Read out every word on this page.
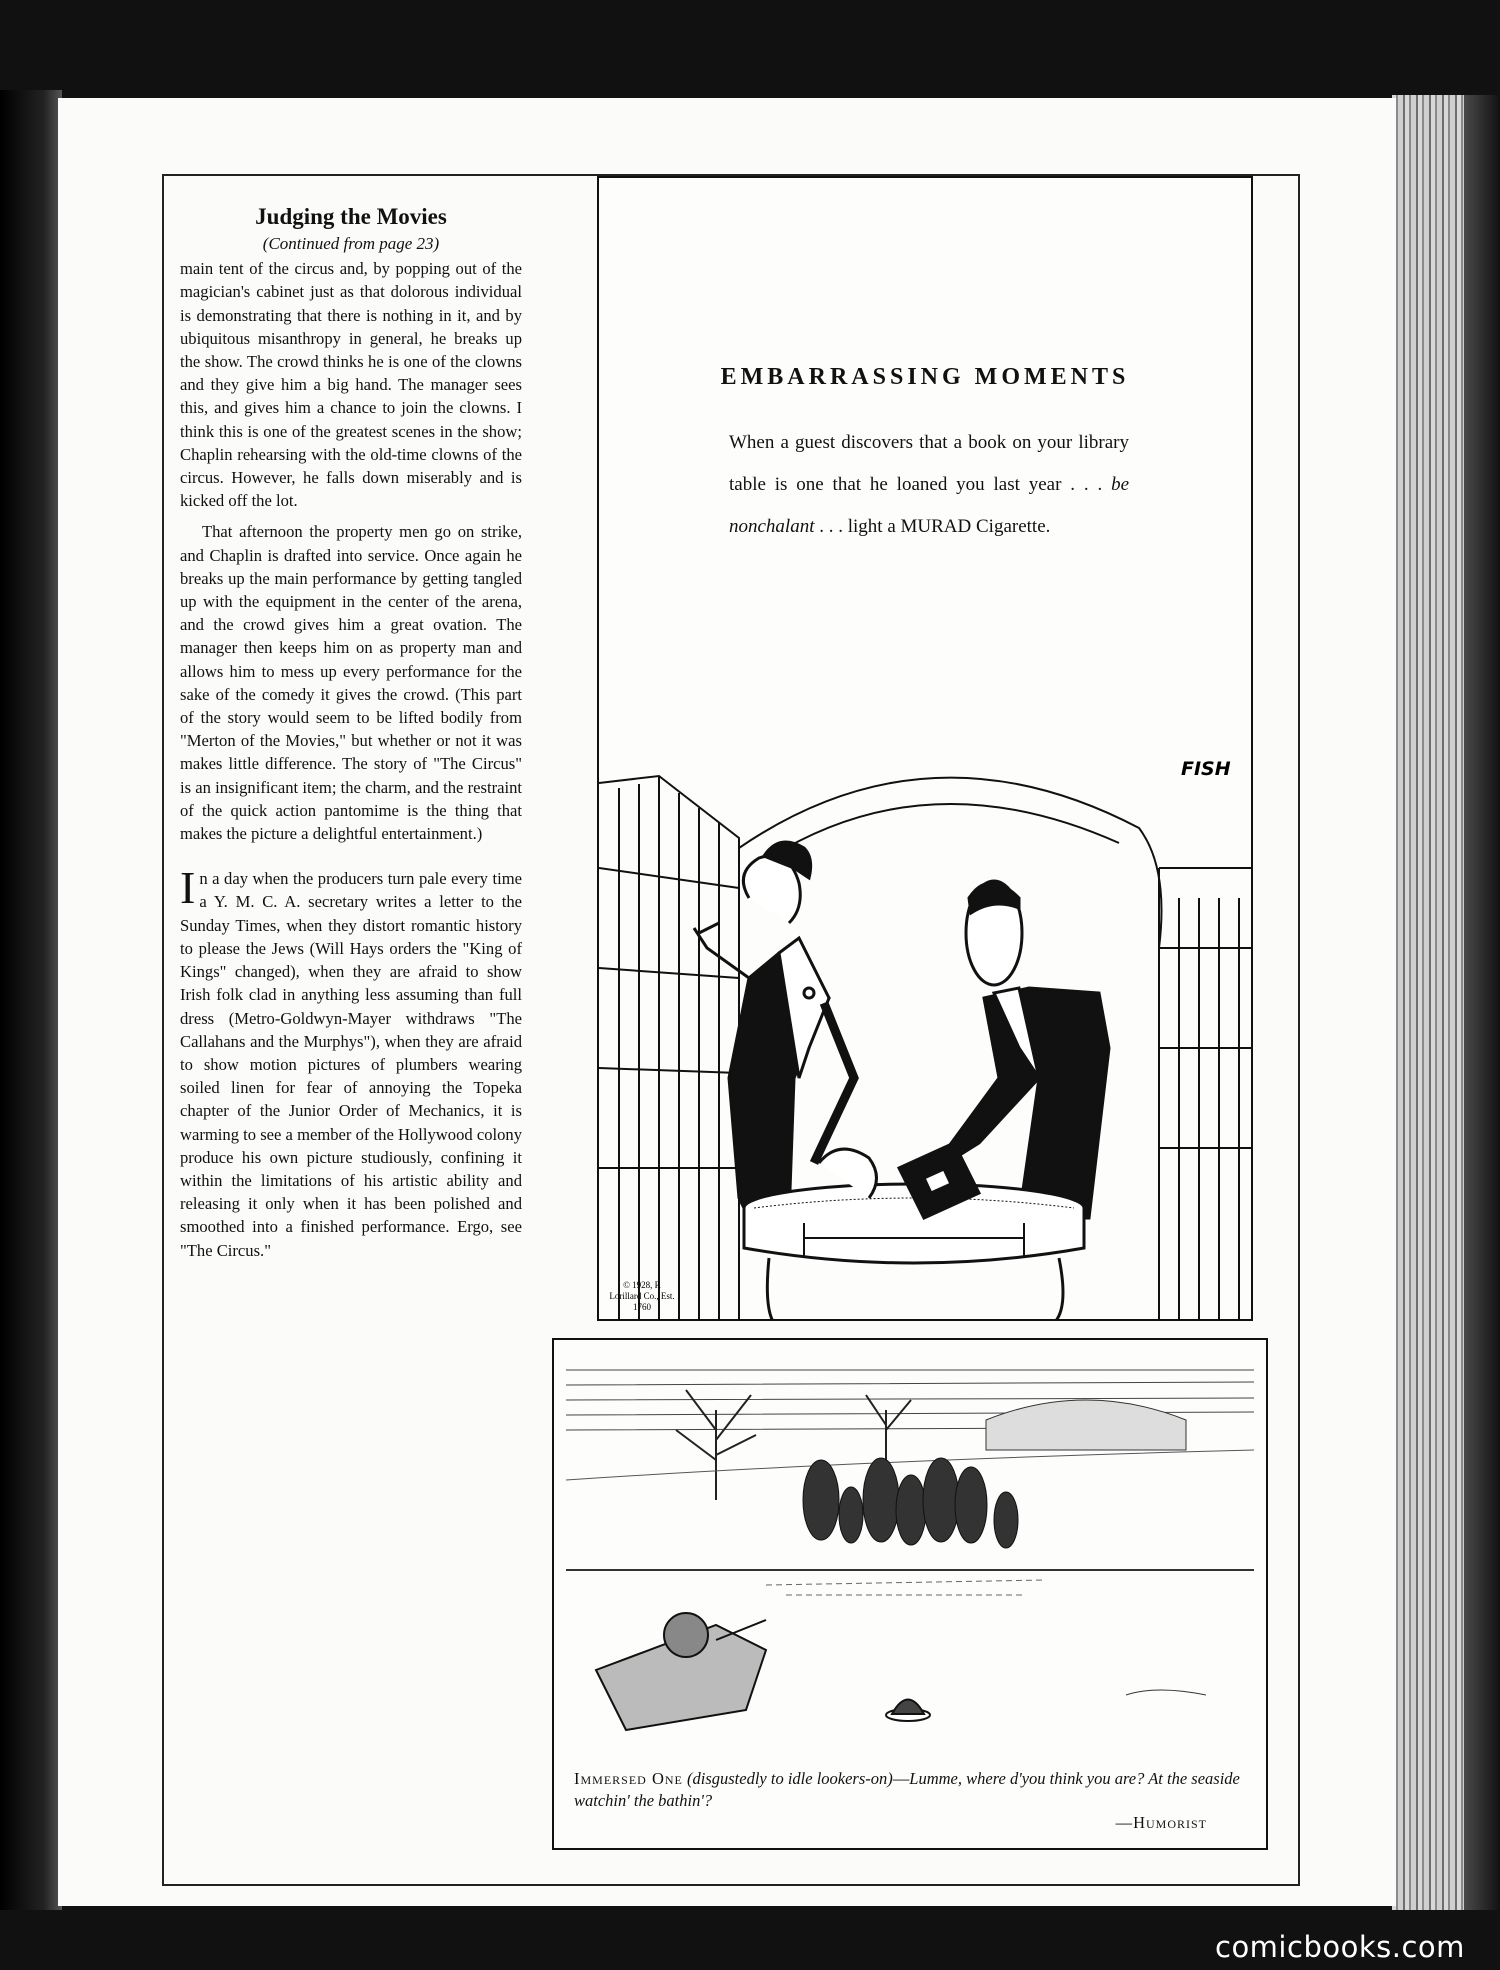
Judging the Movies
(Continued from page 23)

main tent of the circus and, by popping out of the magician's cabinet just as that dolorous individual is demonstrating that there is nothing in it, and by ubiquitous misanthropy in general, he breaks up the show. The crowd thinks he is one of the clowns and they give him a big hand. The manager sees this, and gives him a chance to join the clowns. I think this is one of the greatest scenes in the show; Chaplin rehearsing with the old-time clowns of the circus. However, he falls down miserably and is kicked off the lot.

That afternoon the property men go on strike, and Chaplin is drafted into service. Once again he breaks up the main performance by getting tangled up with the equipment in the center of the arena, and the crowd gives him a great ovation. The manager then keeps him on as property man and allows him to mess up every performance for the sake of the comedy it gives the crowd. (This part of the story would seem to be lifted bodily from "Merton of the Movies," but whether or not it was makes little difference. The story of "The Circus" is an insignificant item; the charm, and the restraint of the quick action pantomime is the thing that makes the picture a delightful entertainment.)

In a day when the producers turn pale every time a Y. M. C. A. secretary writes a letter to the Sunday Times, when they distort romantic history to please the Jews (Will Hays orders the "King of Kings" changed), when they are afraid to show Irish folk clad in anything less assuming than full dress (Metro-Goldwyn-Mayer withdraws "The Callahans and the Murphys"), when they are afraid to show motion pictures of plumbers wearing soiled linen for fear of annoying the Topeka chapter of the Junior Order of Mechanics, it is warming to see a member of the Hollywood colony produce his own picture studiously, confining it within the limitations of his artistic ability and releasing it only when it has been polished and smoothed into a finished performance. Ergo, see "The Circus."

EMBARRASSING MOMENTS
When a guest discovers that a book on your library table is one that he loaned you last year . . . be nonchalant . . . light a MURAD Cigarette.
FISH
© 1928, P. Lorillard Co., Est. 1760
Immersed One (disgustedly to idle lookers-on)—Lumme, where d'you think you are? At the seaside watchin' the bathin'?
—Humorist
comicbooks.com
